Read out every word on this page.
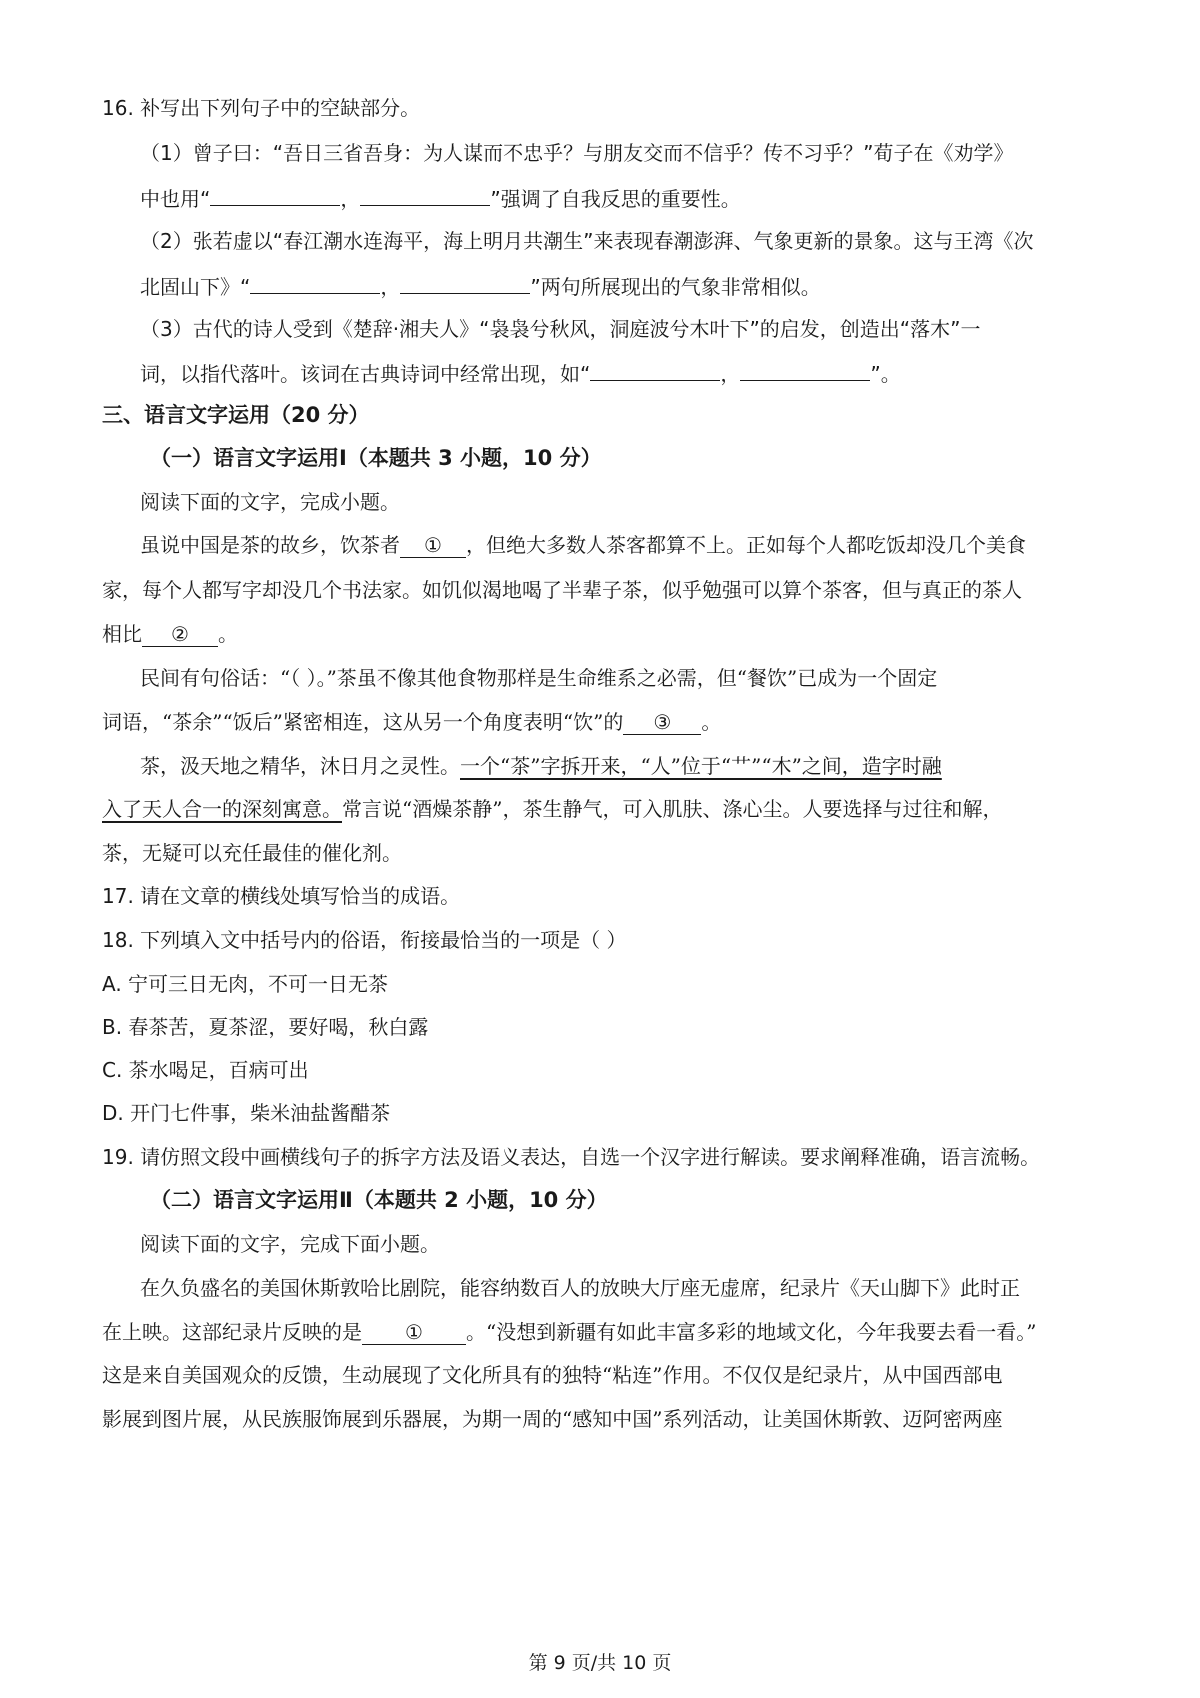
16. 补写出下列句子中的空缺部分。
（1）曾子曰：“吾日三省吾身：为人谋而不忠乎？与朋友交而不信乎？传不习乎？”荀子在《劝学》
中也用“	，	”强调了自我反思的重要性。
（2）张若虚以“春江潮水连海平，海上明月共潮生”来表现春潮澎湃、气象更新的景象。这与王湾《次
北固山下》“	，	”两句所展现出的气象非常相似。
（3）古代的诗人受到《楚辞·湘夫人》“袅袅兮秋风，洞庭波兮木叶下”的启发，创造出“落木”一
词，以指代落叶。该词在古典诗词中经常出现，如“	，	”。
三、语言文字运用（20 分）
（一）语言文字运用Ⅰ（本题共 3 小题，10 分）
阅读下面的文字，完成小题。
虽说中国是茶的故乡，饮茶者 ① ，但绝大多数人茶客都算不上。正如每个人都吃饭却没几个美食
家，每个人都写字却没几个书法家。如饥似渴地喝了半辈子茶，似乎勉强可以算个茶客，但与真正的茶人
相比 ② 。
民间有句俗话：“（ ）。”茶虽不像其他食物那样是生命维系之必需，但“餐饮”已成为一个固定
词语，“茶余”“饭后”紧密相连，这从另一个角度表明“饮”的 ③ 。
茶，汲天地之精华，沐日月之灵性。一个“茶”字拆开来，“人”位于“艹”“木”之间，造字时融
入了天人合一的深刻寓意。常言说“酒燥茶静”，茶生静气，可入肌肤、涤心尘。人要选择与过往和解，
茶，无疑可以充任最佳的催化剂。
17. 请在文章的横线处填写恰当的成语。
18. 下列填入文中括号内的俗语，衔接最恰当的一项是（ ）
A. 宁可三日无肉，不可一日无茶
B. 春茶苦，夏茶涩，要好喝，秋白露
C. 茶水喝足，百病可出
D. 开门七件事，柴米油盐酱醋茶
19. 请仿照文段中画横线句子的拆字方法及语义表达，自选一个汉字进行解读。要求阐释准确，语言流畅。
（二）语言文字运用Ⅱ（本题共 2 小题，10 分）
阅读下面的文字，完成下面小题。
在久负盛名的美国休斯敦哈比剧院，能容纳数百人的放映大厅座无虚席，纪录片《天山脚下》此时正
在上映。这部纪录片反映的是 ① 。“没想到新疆有如此丰富多彩的地域文化，今年我要去看一看。”
这是来自美国观众的反馈，生动展现了文化所具有的独特“粘连”作用。不仅仅是纪录片，从中国西部电
影展到图片展，从民族服饰展到乐器展，为期一周的“感知中国”系列活动，让美国休斯敦、迈阿密两座
第 9 页/共 10 页
